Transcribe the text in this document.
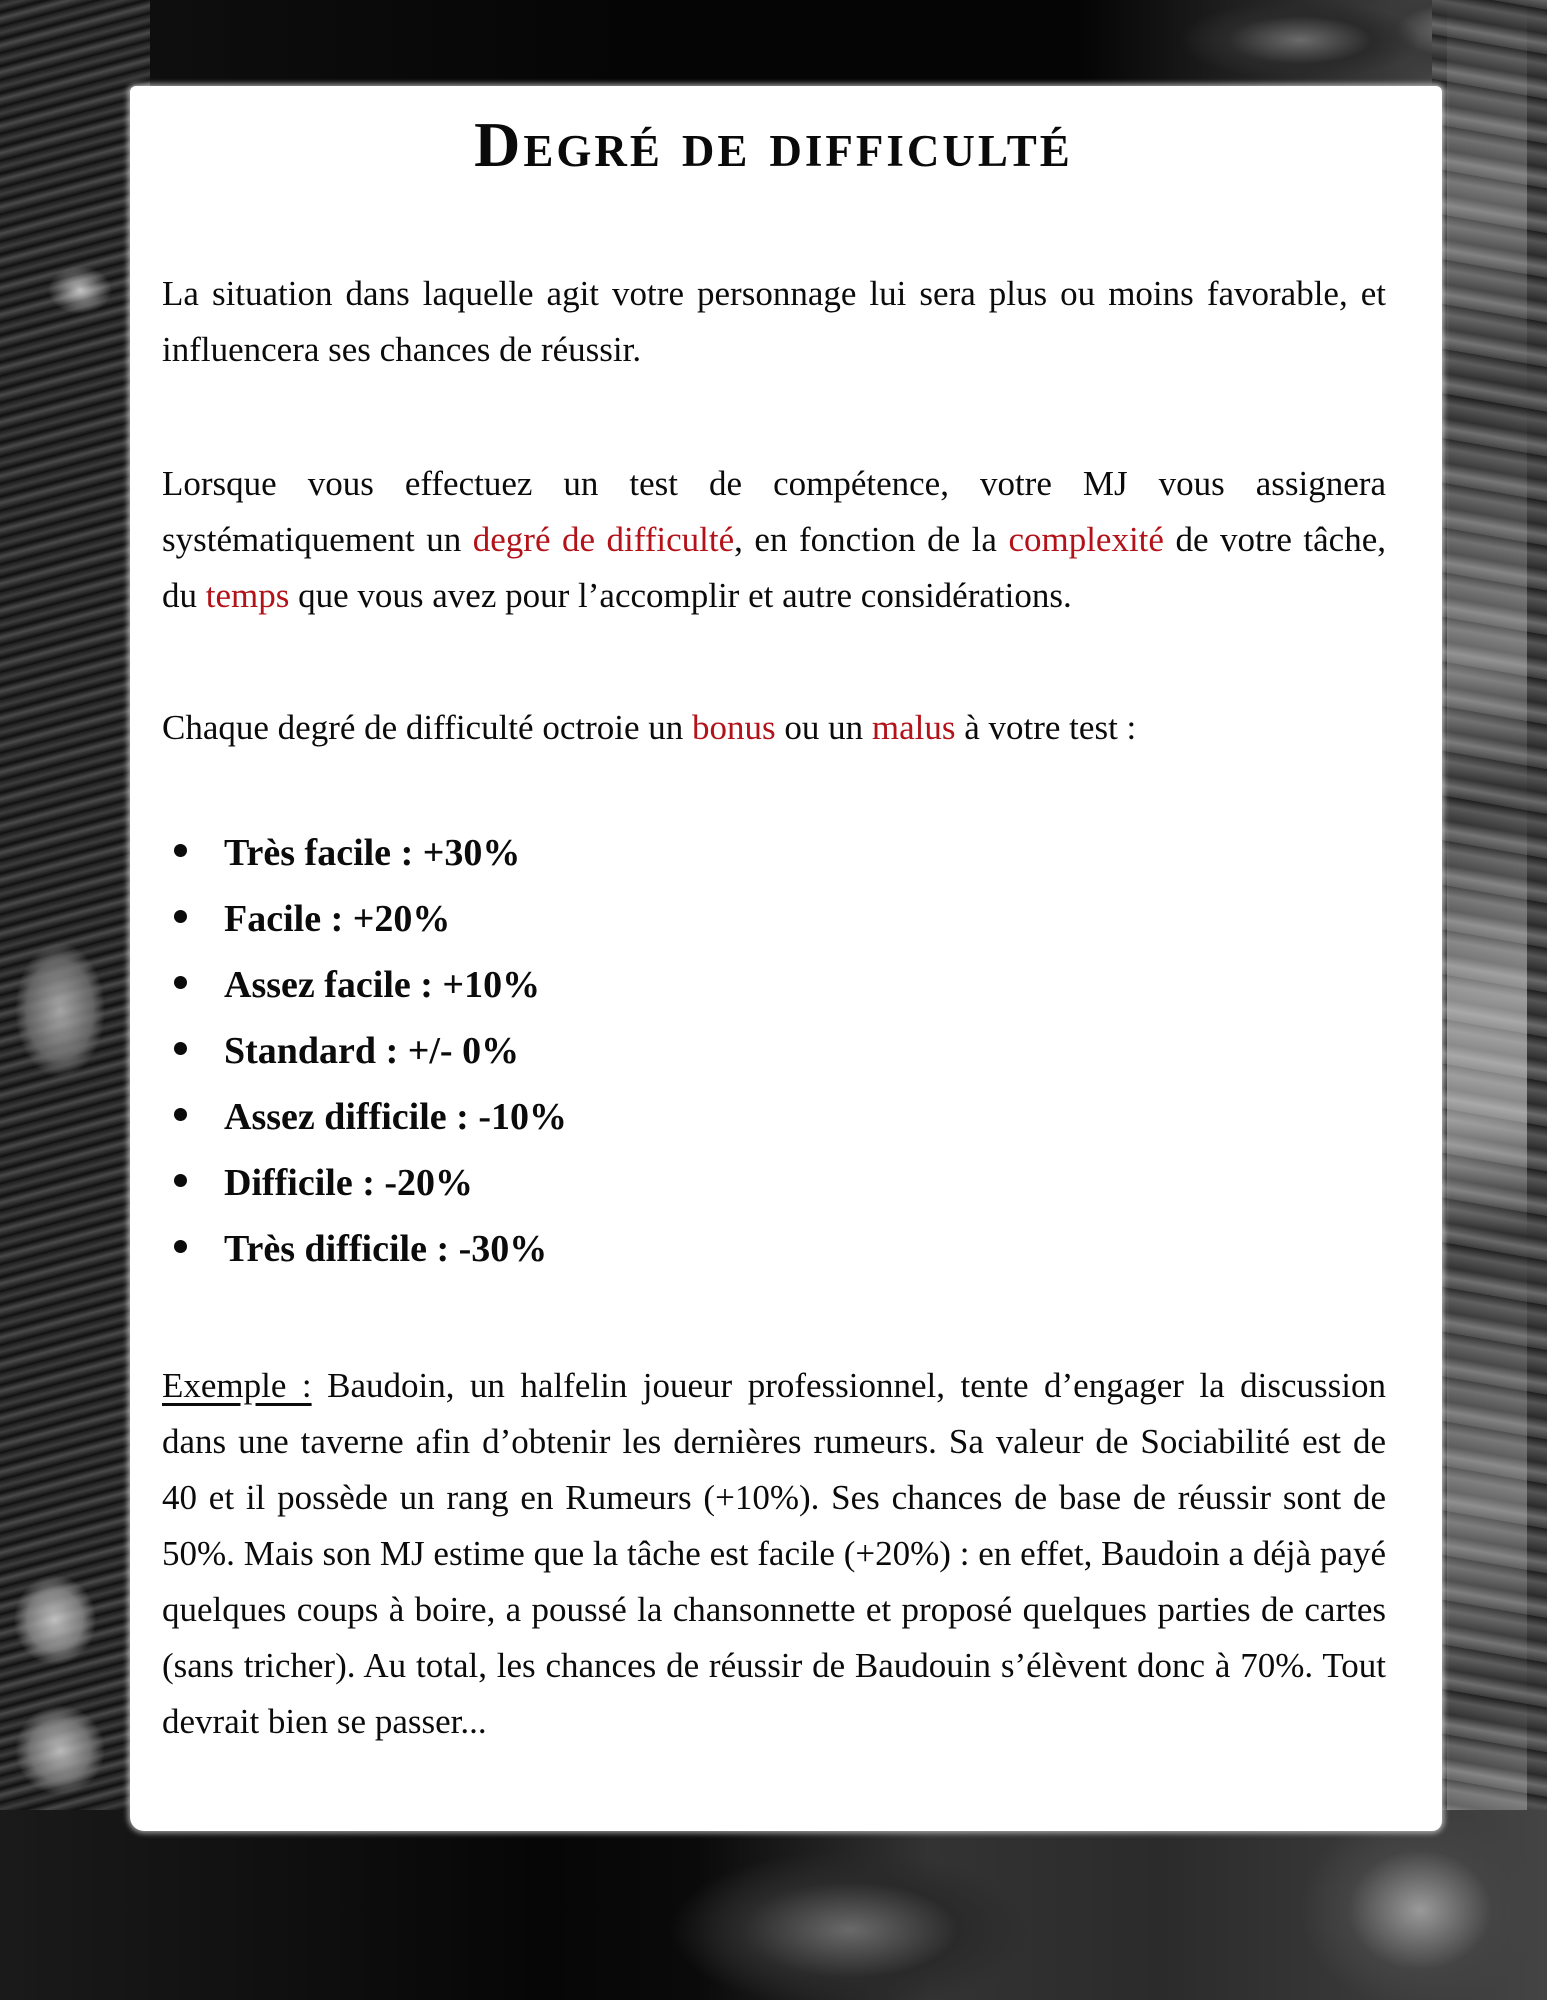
Degré de difficulté

La situation dans laquelle agit votre personnage lui sera plus ou moins favorable, et influencera ses chances de réussir.

Lorsque vous effectuez un test de compétence, votre MJ vous assignera systématiquement un degré de difficulté, en fonction de la complexité de votre tâche, du temps que vous avez pour l’accomplir et autre considérations.

Chaque degré de difficulté octroie un bonus ou un malus à votre test :

Très facile : +30%
Facile : +20%
Assez facile : +10%
Standard : +/- 0%
Assez difficile : -10%
Difficile : -20%
Très difficile : -30%

Exemple : Baudoin, un halfelin joueur professionnel, tente d’engager la discussion dans une taverne afin d’obtenir les dernières rumeurs. Sa valeur de Sociabilité est de 40 et il possède un rang en Rumeurs (+10%). Ses chances de base de réussir sont de 50%. Mais son MJ estime que la tâche est facile (+20%) : en effet, Baudoin a déjà payé quelques coups à boire, a poussé la chansonnette et proposé quelques parties de cartes (sans tricher). Au total, les chances de réussir de Baudouin s’élèvent donc à 70%. Tout devrait bien se passer...
